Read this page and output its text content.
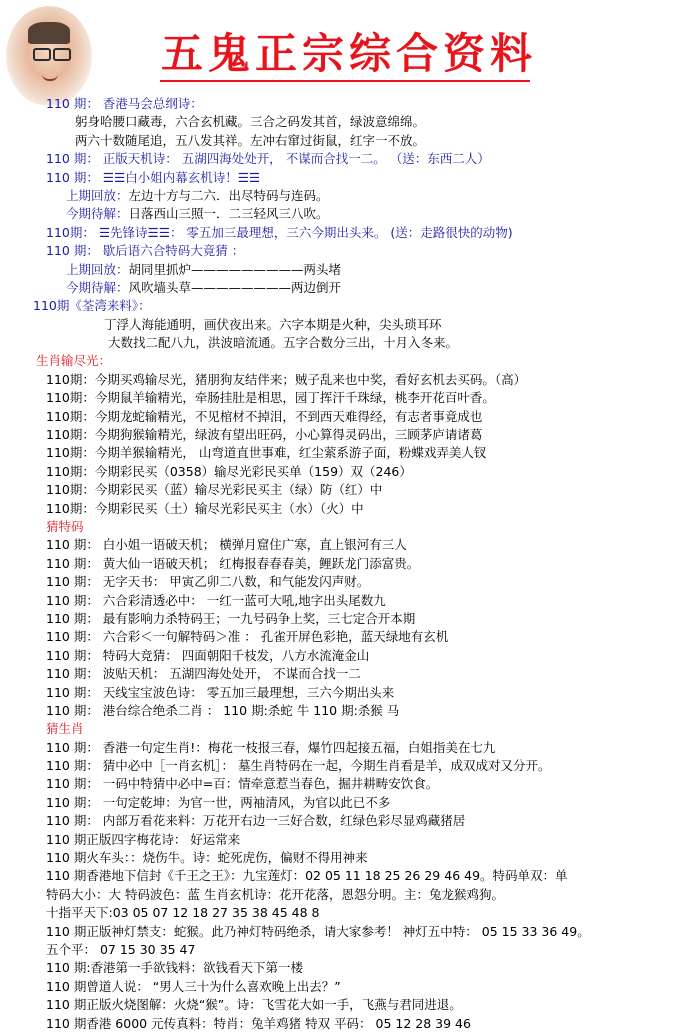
五鬼正宗综合资料
110 期： 香港马会总纲诗：
躬身哈腰口藏毒，六合玄机藏。三合之码发其首，绿波意绵绵。
两六十数随尾追，五八发其祥。左冲右窜过街鼠，红字一不放。
110 期： 正版天机诗： 五湖四海处处开， 不谋而合找一二。 （送：东西二人）
110 期： ☰☰白小姐内幕玄机诗！☰☰
上期回放：左边十方与二六．出尽特码与连码。
今期待解：日落西山三照一．二三轻风三八吹。
110期： ☰先锋诗☰☰： 零五加三最理想，三六今期出头来。 (送：走路很快的动物)
110 期： 歇后语六合特码大竟猜 ：
上期回放：胡同里抓炉—————————两头堵
今期待解：风吹墙头草————————两边倒开
110期《荃湾来料》：
丁浮人海能通明，画伏夜出来。六字本期是火种，尖头琐耳环
大数找二配八九，洪波暗流通。五字合数分三出，十月入冬来。
生肖输尽光：
110期：今期买鸡输尽光，猪朋狗友结伴来；贼子乱来也中奖，看好玄机去买码。（高）
110期：今期鼠羊输精光，牵肠挂肚是相思，园丁挥汗千珠绿，桃李开花百叶香。
110期：今期龙蛇输精光，不见棺材不掉泪，不到西天难得经，有志者事竟成也
110期：今期狗猴输精光，绿波有望出旺码，小心算得灵码出，三顾茅庐请诸葛
110期：今期羊猴输精光， 山弯道直世事难，红尘萦系游子面，粉蝶戏弄美人钗
110期：今期彩民买（0358）输尽光彩民买单（159）双（246）
110期：今期彩民买（蓝）输尽光彩民买主（绿）防（红）中
110期：今期彩民买（土）输尽光彩民买主（水）（火）中
猜特码
110 期： 白小姐一语破天机； 横弹月窟住广寒，直上银河有三人
110 期： 黄大仙一语破天机； 红梅报春春春美，鲤跃龙门添富贵。
110 期： 无字天书： 甲寅乙卯二八数，和气能发闪声财。
110 期： 六合彩清透必中： 一红一蓝可大吼,地字出头尾数九
110 期： 最有影响力杀特码王；一九号码争上奖，三七定合开本期
110 期： 六合彩＜一句解特码＞准 ： 孔雀开屏色彩艳，蓝天绿地有玄机
110 期： 特码大竞猜： 四面朝阳千枝发，八方水流淹金山
110 期： 波贴天机： 五湖四海处处开， 不谋而合找一二
110 期： 天线宝宝波色诗： 零五加三最理想，三六今期出头来
110 期： 港台综合绝杀二肖 ： 110 期:杀蛇 牛 110 期:杀猴 马
猜生肖
110 期： 香港一句定生肖!：梅花一枝报三春，爆竹四起接五福，白姐指美在七九
110 期： 猜中必中［一肖玄机］： 墓生肖特码在一起，今期生肖看是羊，成双成对又分开。
110 期： 一码中特猜中必中=百：情牵意惹当春色，掘井耕畴安饮食。
110 期： 一句定乾坤：为官一世，两袖清风，为官以此已不多
110 期： 内部万看花来料：万花开右边一三好合数，红绿色彩尽显鸡藏猪居
110 期正版四字梅花诗： 好运常来
110 期火车头：：烧伤牛。诗：蛇死虎伤，偏财不得用神来
110 期香港地下信封《千王之王》：九宝莲灯：02 05 11 18 25 26 29 46 49。特码单双：单
特码大小：大 特码波色：蓝 生肖玄机诗：花开花落，恩怨分明。主：兔龙猴鸡狗。
十指平天下:03 05 07 12 18 27 35 38 45 48 8
110 期正版神灯禁支：蛇猴。此乃神灯特码绝杀，请大家参考！ 神灯五中特： 05 15 33 36 49。
五个平： 07 15 30 35 47
110 期:香港第一手欲钱料：欲钱看天下第一楼
110 期曾道人说： “男人三十为什么喜欢晚上出去？”
110 期正版火烧图解：火烧“猴”。诗：飞雪花大如一手，飞燕与君同进退。
110 期香港 6000 元传真料：特肖：兔羊鸡猪 特双 平码： 05 12 28 39 46
